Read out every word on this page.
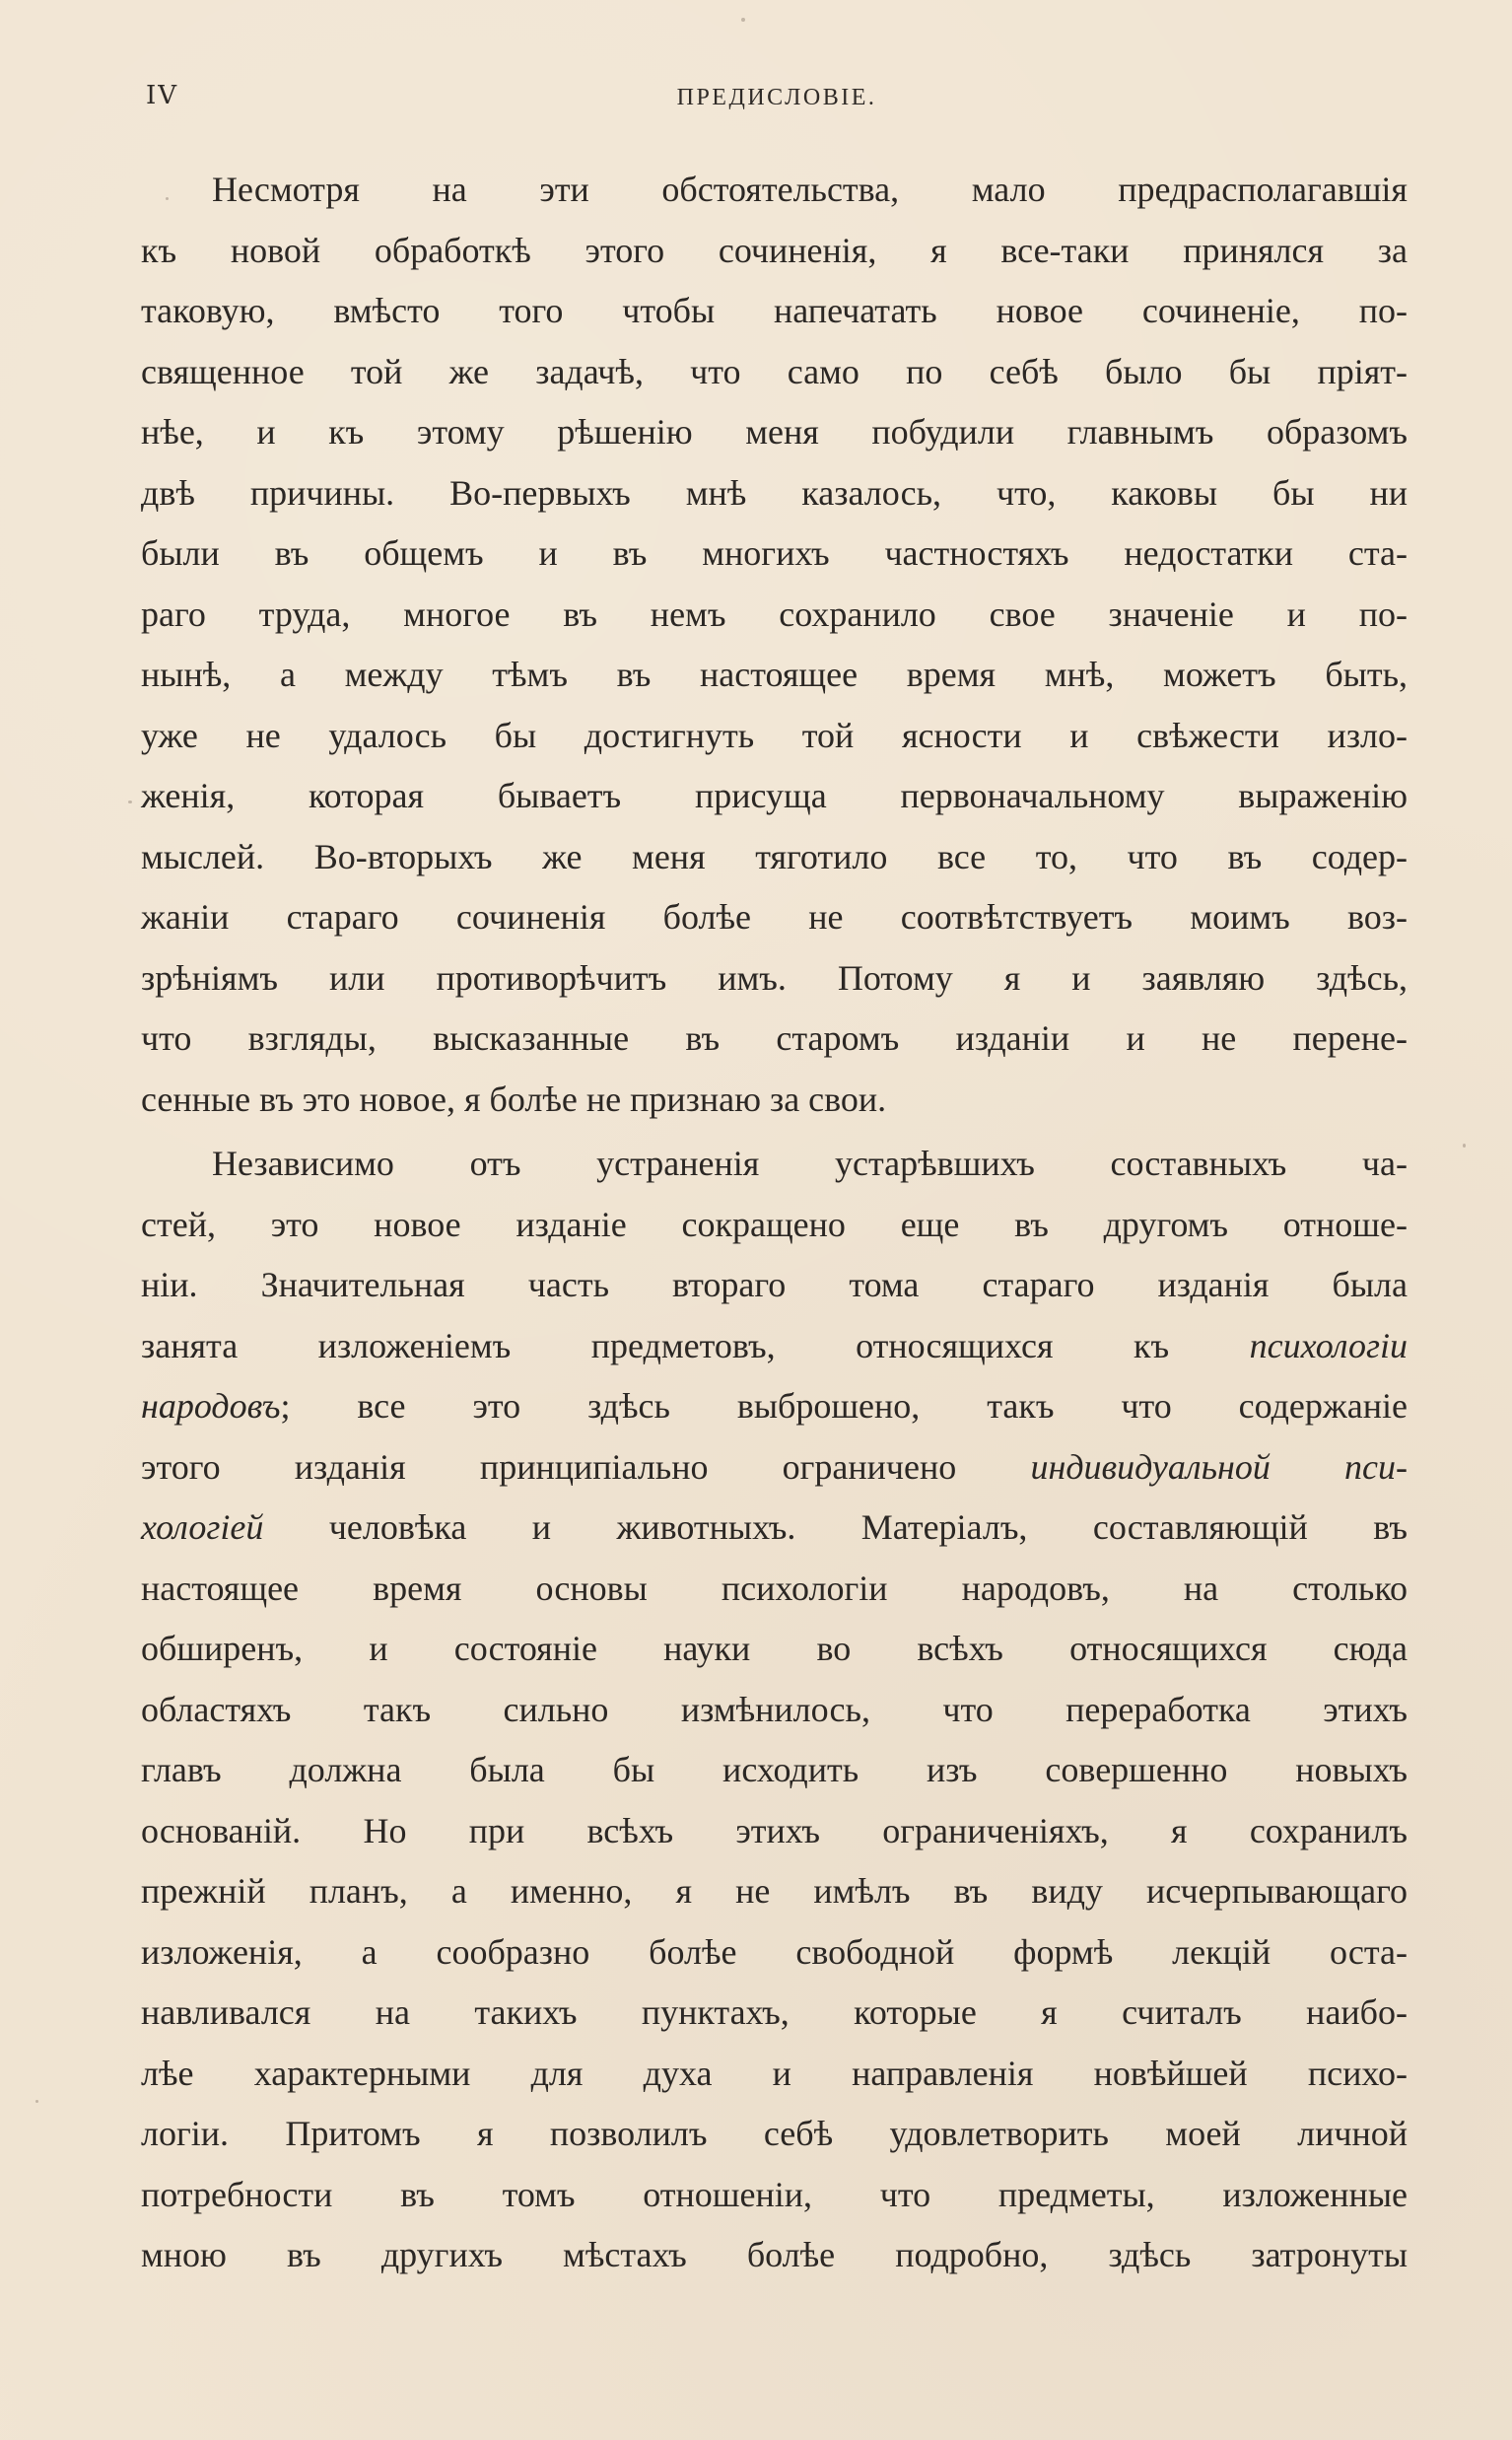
IV	ПРЕДИСЛОВІЕ.
Несмотря на эти обстоятельства, мало предрасполагавшія
къ новой обработкѣ этого сочиненія, я все-таки принялся за
таковую, вмѣсто того чтобы напечатать новое сочиненіе, по-
священное той же задачѣ, что само по себѣ было бы пріят-
нѣе, и къ этому рѣшенію меня побудили главнымъ образомъ
двѣ причины. Во-первыхъ мнѣ казалось, что, каковы бы ни
были въ общемъ и въ многихъ частностяхъ недостатки ста-
раго труда, многое въ немъ сохранило свое значеніе и по-
нынѣ, а между тѣмъ въ настоящее время мнѣ, можетъ быть,
уже не удалось бы достигнуть той ясности и свѣжести изло-
женія, которая бываетъ присуща первоначальному выраженію
мыслей. Во-вторыхъ же меня тяготило все то, что въ содер-
жаніи стараго сочиненія болѣе не соотвѣтствуетъ моимъ воз-
зрѣніямъ или противорѣчитъ имъ. Потому я и заявляю здѣсь,
что взгляды, высказанные въ старомъ изданіи и не перене-
сенные въ это новое, я болѣе не признаю за свои.
Независимо отъ устраненія устарѣвшихъ составныхъ ча-
стей, это новое изданіе сокращено еще въ другомъ отноше-
ніи. Значительная часть втораго тома стараго изданія была
занята изложеніемъ предметовъ, относящихся къ психологіи
народовъ; все это здѣсь выброшено, такъ что содержаніе
этого изданія принципіально ограничено индивидуальной пси-
хологіей человѣка и животныхъ. Матеріалъ, составляющій въ
настоящее время основы психологіи народовъ, на столько
обширенъ, и состояніе науки во всѣхъ относящихся сюда
областяхъ такъ сильно измѣнилось, что переработка этихъ
главъ должна была бы исходить изъ совершенно новыхъ
основаній. Но при всѣхъ этихъ ограниченіяхъ, я сохранилъ
прежній планъ, а именно, я не имѣлъ въ виду исчерпывающаго
изложенія, а сообразно болѣе свободной формѣ лекцій оста-
навливался на такихъ пунктахъ, которые я считалъ наибо-
лѣе характерными для духа и направленія новѣйшей психо-
логіи. Притомъ я позволилъ себѣ удовлетворить моей личной
потребности въ томъ отношеніи, что предметы, изложенные
мною въ другихъ мѣстахъ болѣе подробно, здѣсь затронуты
